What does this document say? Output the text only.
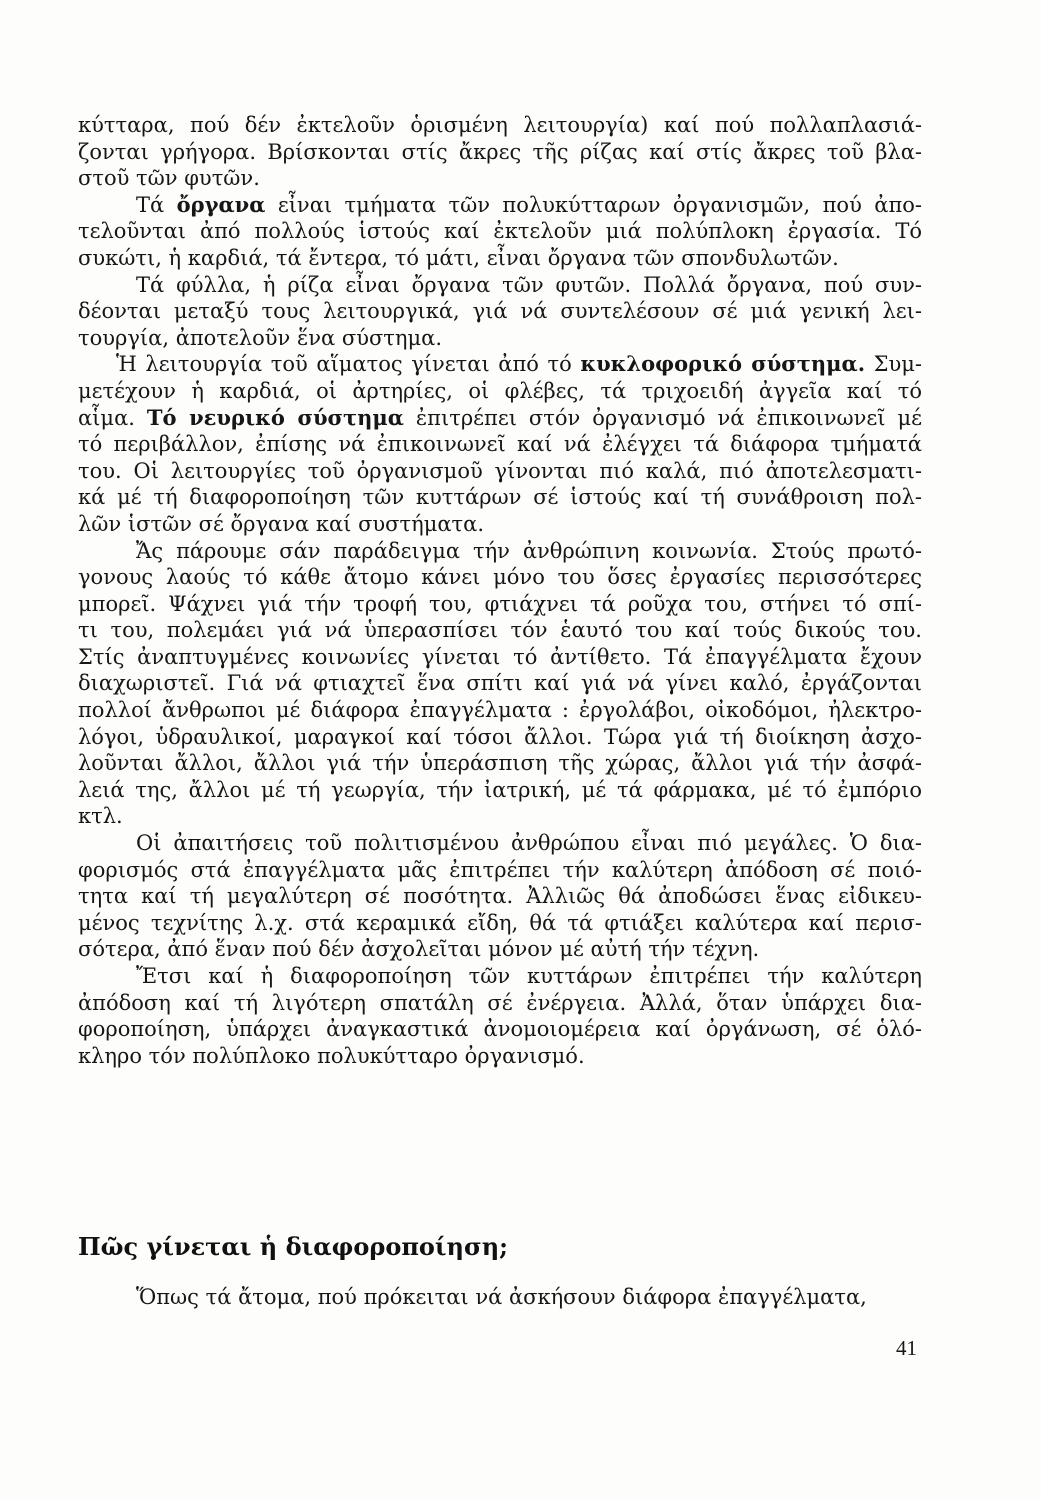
κύτταρα, πού δέν ἐκτελοῦν ὁρισμένη λειτουργία) καί πού πολλαπλασιά-
ζονται γρήγορα. Βρίσκονται στίς ἄκρες τῆς ρίζας καί στίς ἄκρες τοῦ βλα-
στοῦ τῶν φυτῶν.
Τά ὄργανα εἶναι τμήματα τῶν πολυκύτταρων ὀργανισμῶν, πού ἀπο-
τελοῦνται ἀπό πολλούς ἱστούς καί ἐκτελοῦν μιά πολύπλοκη ἐργασία. Τό
συκώτι, ἡ καρδιά, τά ἔντερα, τό μάτι, εἶναι ὄργανα τῶν σπονδυλωτῶν.
Τά φύλλα, ἡ ρίζα εἶναι ὄργανα τῶν φυτῶν. Πολλά ὄργανα, πού συν-
δέονται μεταξύ τους λειτουργικά, γιά νά συντελέσουν σέ μιά γενική λει-
τουργία, ἀποτελοῦν ἕνα σύστημα.
Ἡ λειτουργία τοῦ αἵματος γίνεται ἀπό τό κυκλοφορικό σύστημα. Συμ-
μετέχουν ἡ καρδιά, οἱ ἀρτηρίες, οἱ φλέβες, τά τριχοειδή ἀγγεῖα καί τό
αἷμα. Τό νευρικό σύστημα ἐπιτρέπει στόν ὀργανισμό νά ἐπικοινωνεῖ μέ
τό περιβάλλον, ἐπίσης νά ἐπικοινωνεῖ καί νά ἐλέγχει τά διάφορα τμήματά
του. Οἱ λειτουργίες τοῦ ὀργανισμοῦ γίνονται πιό καλά, πιό ἀποτελεσματι-
κά μέ τή διαφοροποίηση τῶν κυττάρων σέ ἱστούς καί τή συνάθροιση πολ-
λῶν ἱστῶν σέ ὄργανα καί συστήματα.
Ἄς πάρουμε σάν παράδειγμα τήν ἀνθρώπινη κοινωνία. Στούς πρωτό-
γονους λαούς τό κάθε ἄτομο κάνει μόνο του ὅσες ἐργασίες περισσότερες
μπορεῖ. Ψάχνει γιά τήν τροφή του, φτιάχνει τά ροῦχα του, στήνει τό σπί-
τι του, πολεμάει γιά νά ὑπερασπίσει τόν ἑαυτό του καί τούς δικούς του.
Στίς ἀναπτυγμένες κοινωνίες γίνεται τό ἀντίθετο. Τά ἐπαγγέλματα ἔχουν
διαχωριστεῖ. Γιά νά φτιαχτεῖ ἕνα σπίτι καί γιά νά γίνει καλό, ἐργάζονται
πολλοί ἄνθρωποι μέ διάφορα ἐπαγγέλματα : ἐργολάβοι, οἰκοδόμοι, ἠλεκτρο-
λόγοι, ὑδραυλικοί, μαραγκοί καί τόσοι ἄλλοι. Τώρα γιά τή διοίκηση ἀσχο-
λοῦνται ἄλλοι, ἄλλοι γιά τήν ὑπεράσπιση τῆς χώρας, ἄλλοι γιά τήν ἀσφά-
λειά της, ἄλλοι μέ τή γεωργία, τήν ἰατρική, μέ τά φάρμακα, μέ τό ἐμπόριο
κτλ.
Οἱ ἀπαιτήσεις τοῦ πολιτισμένου ἀνθρώπου εἶναι πιό μεγάλες. Ὁ δια-
φορισμός στά ἐπαγγέλματα μᾶς ἐπιτρέπει τήν καλύτερη ἀπόδοση σέ ποιό-
τητα καί τή μεγαλύτερη σέ ποσότητα. Ἀλλιῶς θά ἀποδώσει ἕνας εἰδικευ-
μένος τεχνίτης λ.χ. στά κεραμικά εἴδη, θά τά φτιάξει καλύτερα καί περισ-
σότερα, ἀπό ἕναν πού δέν ἀσχολεῖται μόνον μέ αὐτή τήν τέχνη.
Ἔτσι καί ἡ διαφοροποίηση τῶν κυττάρων ἐπιτρέπει τήν καλύτερη
ἀπόδοση καί τή λιγότερη σπατάλη σέ ἐνέργεια. Ἀλλά, ὅταν ὑπάρχει δια-
φοροποίηση, ὑπάρχει ἀναγκαστικά ἀνομοιομέρεια καί ὀργάνωση, σέ ὁλό-
κληρο τόν πολύπλοκο πολυκύτταρο ὀργανισμό.
Πῶς γίνεται ἡ διαφοροποίηση;
Ὅπως τά ἄτομα, πού πρόκειται νά ἀσκήσουν διάφορα ἐπαγγέλματα,
41
